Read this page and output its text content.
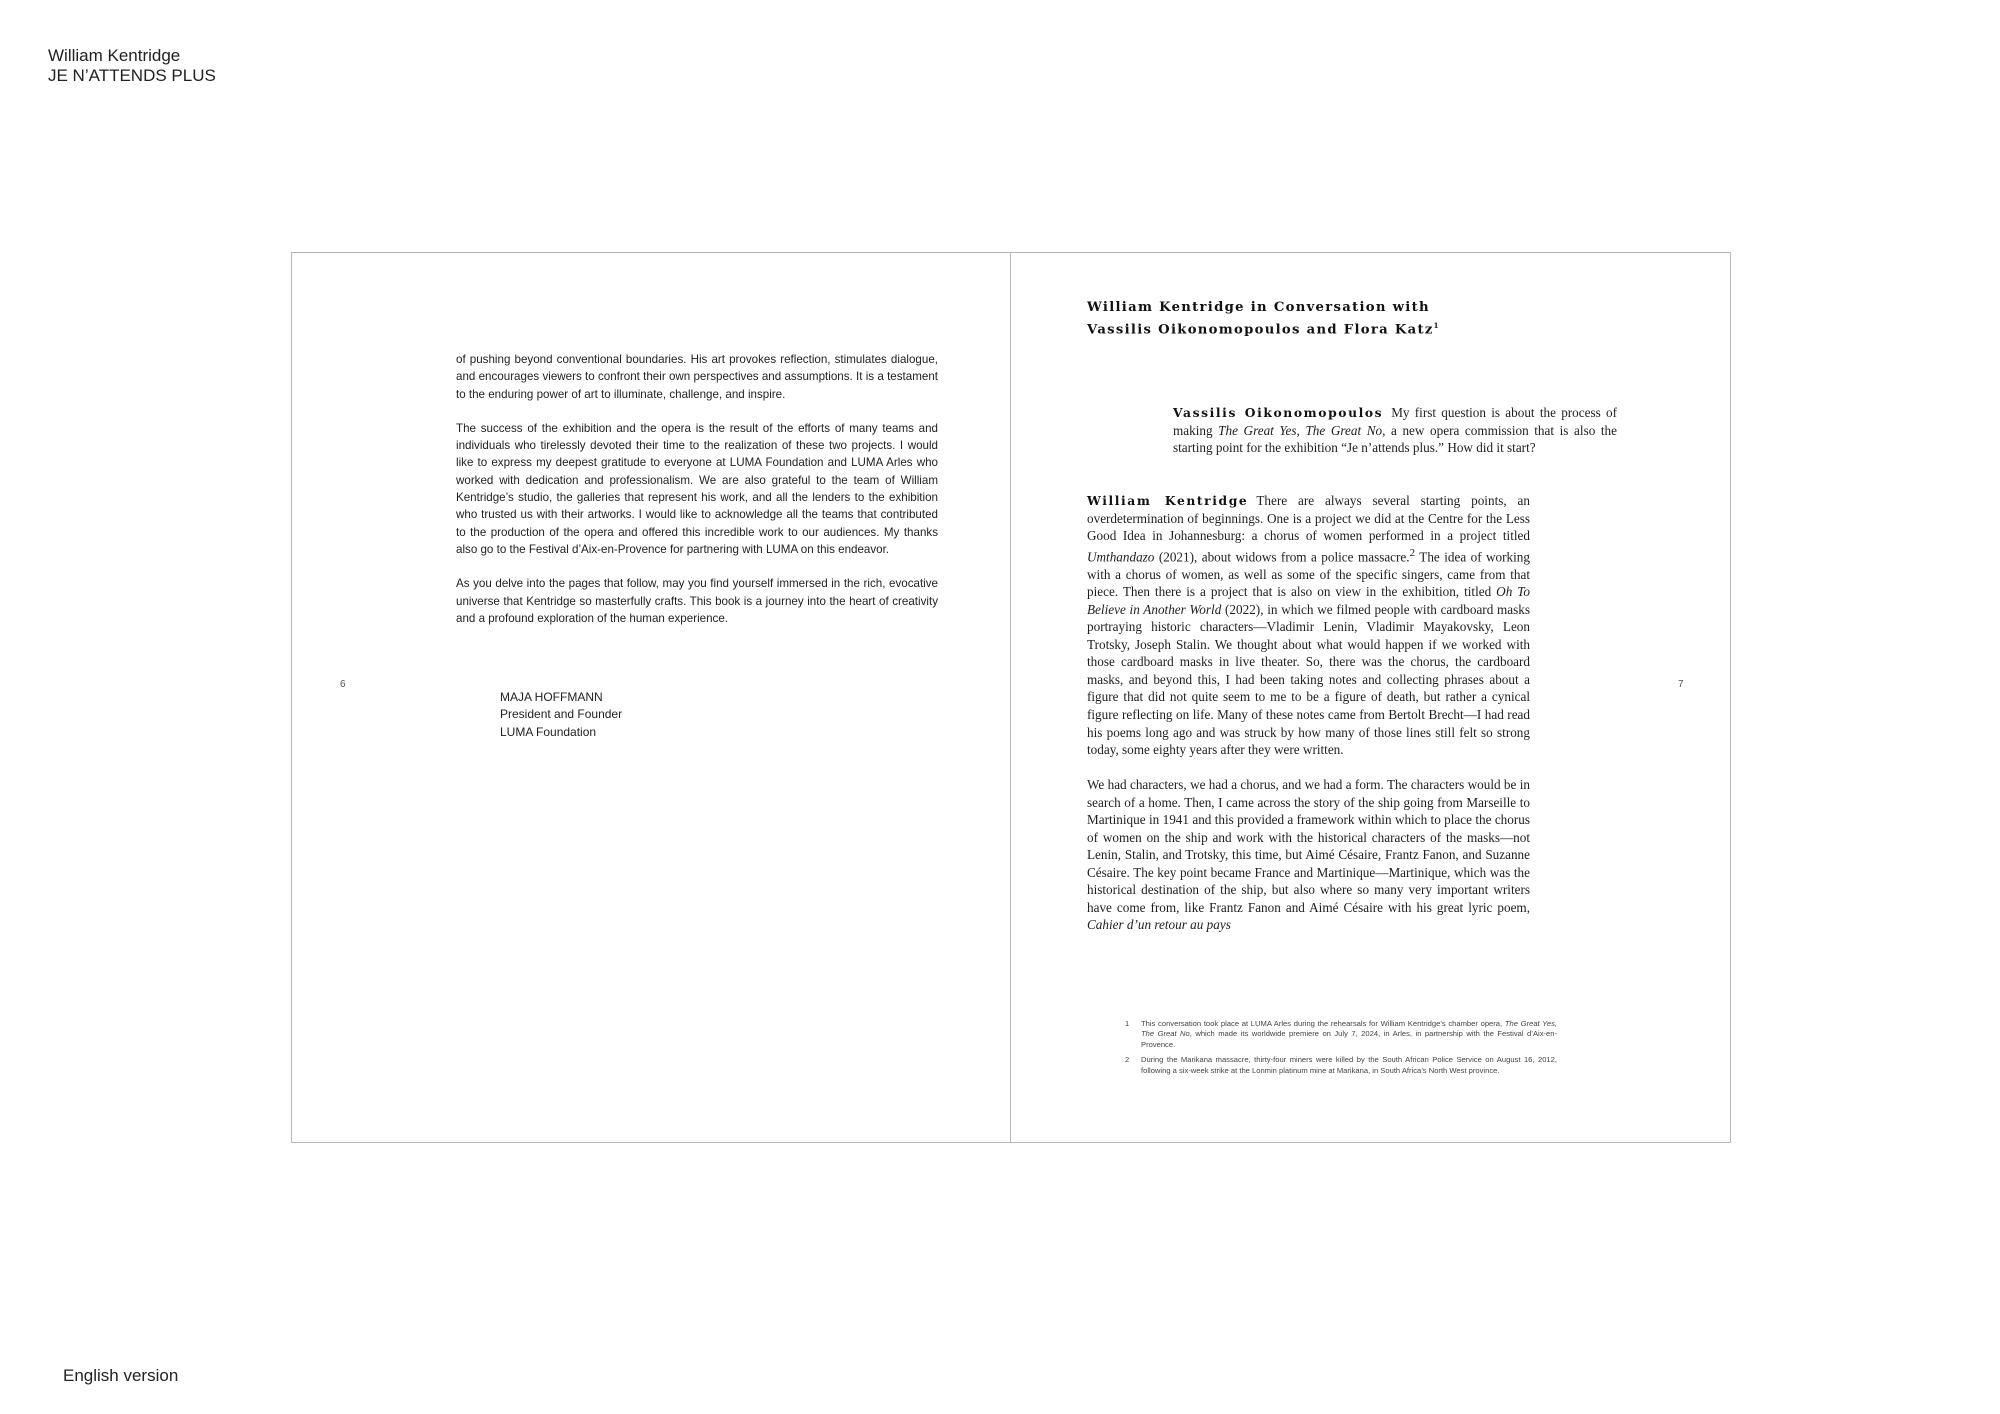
William Kentridge
JE N’ATTENDS PLUS
6

of pushing beyond conventional boundaries. His art provokes reflection, stimulates dialogue, and encourages viewers to confront their own perspectives and assumptions. It is a testament to the enduring power of art to illuminate, challenge, and inspire.

The success of the exhibition and the opera is the result of the efforts of many teams and individuals who tirelessly devoted their time to the realization of these two projects. I would like to express my deepest gratitude to everyone at LUMA Foundation and LUMA Arles who worked with dedication and professionalism. We are also grateful to the team of William Kentridge’s studio, the galleries that represent his work, and all the lenders to the exhibition who trusted us with their artworks. I would like to acknowledge all the teams that contributed to the production of the opera and offered this incredible work to our audiences. My thanks also go to the Festival d’Aix-en-Provence for partnering with LUMA on this endeavor.

As you delve into the pages that follow, may you find yourself immersed in the rich, evocative universe that Kentridge so masterfully crafts. This book is a journey into the heart of creativity and a profound exploration of the human experience.

MAJA HOFFMANN
President and Founder
LUMA Foundation
7
William Kentridge in Conversation with
Vassilis Oikonomopoulos and Flora Katz$^1$
Vassilis Oikonomopoulos My first question is about the process of making The Great Yes, The Great No, a new opera commission that is also the starting point for the exhibition “Je n’attends plus.” How did it start?

William Kentridge There are always several starting points, an overdetermination of beginnings. One is a project we did at the Centre for the Less Good Idea in Johannesburg: a chorus of women performed in a project titled Umthandazo (2021), about widows from a police massacre.$^2$ The idea of working with a chorus of women, as well as some of the specific singers, came from that piece. Then there is a project that is also on view in the exhibition, titled Oh To Believe in Another World (2022), in which we filmed people with cardboard masks portraying historic characters—Vladimir Lenin, Vladimir Mayakovsky, Leon Trotsky, Joseph Stalin. We thought about what would happen if we worked with those cardboard masks in live theater. So, there was the chorus, the cardboard masks, and beyond this, I had been taking notes and collecting phrases about a figure that did not quite seem to me to be a figure of death, but rather a cynical figure reflecting on life. Many of these notes came from Bertolt Brecht—I had read his poems long ago and was struck by how many of those lines still felt so strong today, some eighty years after they were written.

We had characters, we had a chorus, and we had a form. The characters would be in search of a home. Then, I came across the story of the ship going from Marseille to Martinique in 1941 and this provided a framework within which to place the chorus of women on the ship and work with the historical characters of the masks—not Lenin, Stalin, and Trotsky, this time, but Aimé Césaire, Frantz Fanon, and Suzanne Césaire. The key point became France and Martinique—Martinique, which was the historical destination of the ship, but also where so many very important writers have come from, like Frantz Fanon and Aimé Césaire with his great lyric poem, Cahier d’un retour au pays

1 This conversation took place at LUMA Arles during the rehearsals for William Kentridge’s chamber opera, The Great Yes, The Great No, which made its worldwide premiere on July 7, 2024, in Arles, in partnership with the Festival d’Aix-en-Provence.
2 During the Marikana massacre, thirty-four miners were killed by the South African Police Service on August 16, 2012, following a six-week strike at the Lonmin platinum mine at Marikana, in South Africa’s North West province.
English version
